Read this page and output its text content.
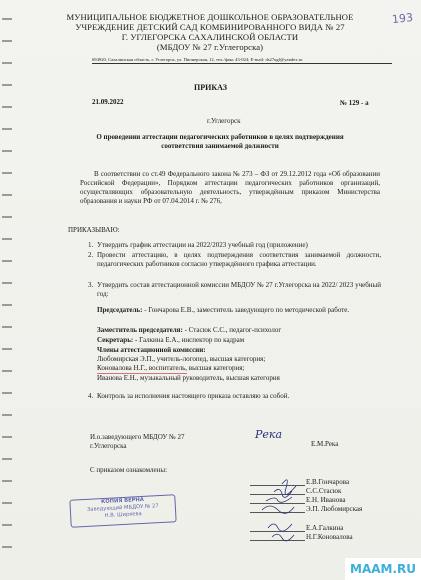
193
МУНИЦИПАЛЬНОЕ БЮДЖЕТНОЕ ДОШКОЛЬНОЕ ОБРАЗОВАТЕЛЬНОЕ
УЧРЕЖДЕНИЕ ДЕТСКИЙ САД КОМБИНИРОВАННОГО ВИДА № 27
Г. УГЛЕГОРСКА САХАЛИНСКОЙ ОБЛАСТИ
(МБДОУ № 27 г.Углегорска)
694920, Сахалинская область, г. Углегорск, ул. Пионерская, 12, тел./факс 43-024; E-mail: ds27ugl@yandex.ru
ПРИКАЗ
21.09.2022	№ 129 - а
г.Углегорск
О проведении аттестации педагогических работников в целях подтверждения
соответствия занимаемой должности
В соответствии со ст.49 Федерального закона № 273 – ФЗ от 29.12.2012 года «Об образовании Российской Федерации», Порядком аттестации педагогических работников организаций, осуществляющих образовательную деятельность, утверждённым приказом Министерства образования и науки РФ от 07.04.2014 г. № 276,
ПРИКАЗЫВАЮ:
1. Утвердить график аттестации на 2022/2023 учебный год (приложение)
2. Провести аттестацию, в целях подтверждения соответствия занимаемой должности, педагогических работников согласно утверждённого графика аттестации.
3. Утвердить состав аттестационной комиссии МБДОУ № 27 г.Углегорска на 2022/ 2023 учебный год:
Председатель: - Гончарова Е.В., заместитель заведующего по методической работе.
Заместитель председателя: - Стасюк С.С., педагог-психолог
Секретарь: - Галкина Е.А., инспектор по кадрам
Члены аттестационной комиссии:
Любомирская Э.П., учитель-логопед, высшая категория;
Коновалова Н.Г., воспитатель, высшая категория;
Иванова Е.Н., музыкальный руководитель, высшая категория
4. Контроль за исполнения настоящего приказа оставляю за собой.
И.о.заведующего МБДОУ № 27
г.Углегорска
Река
Е.М.Река
С приказом ознакомлены:
Е.В.Гончарова
С.С.Стасюк
Е.Н. Иванова
Э.П. Любомирская
Е.А.Галкина
Н.Г.Коновалова
КОПИЯ ВЕРНА
Заведующий МБДОУ № 27
Н.В. Ширяева
MAAM.RU
